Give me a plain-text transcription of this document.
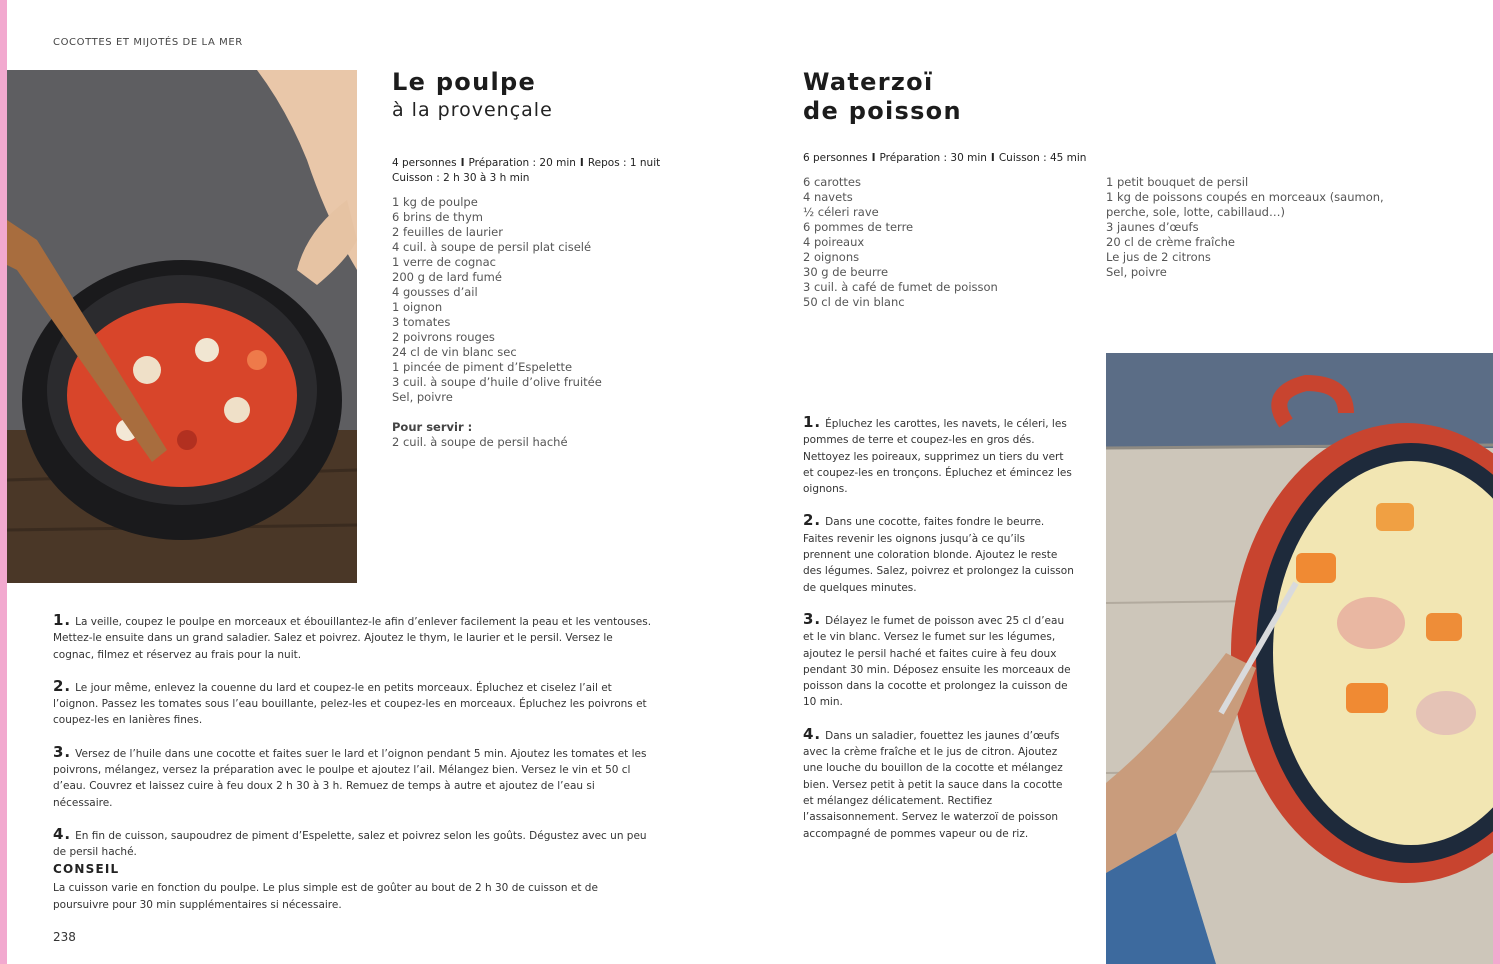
COCOTTES ET MIJOTÉS DE LA MER
Le poulpe
à la provençale
4 personnes I Préparation : 20 min I Repos : 1 nuit
Cuisson : 2 h 30 à 3 h min
1 kg de poulpe
6 brins de thym
2 feuilles de laurier
4 cuil. à soupe de persil plat ciselé
1 verre de cognac
200 g de lard fumé
4 gousses d’ail
1 oignon
3 tomates
2 poivrons rouges
24 cl de vin blanc sec
1 pincée de piment d’Espelette
3 cuil. à soupe d’huile d’olive fruitée
Sel, poivre
Pour servir :
2 cuil. à soupe de persil haché
1. La veille, coupez le poulpe en morceaux et ébouillantez-le afin d’enlever facilement la peau et les ventouses. Mettez-le ensuite dans un grand saladier. Salez et poivrez. Ajoutez le thym, le laurier et le persil. Versez le cognac, filmez et réservez au frais pour la nuit.
2. Le jour même, enlevez la couenne du lard et coupez-le en petits morceaux. Épluchez et ciselez l’ail et l’oignon. Passez les tomates sous l’eau bouillante, pelez-les et coupez-les en morceaux. Épluchez les poivrons et coupez-les en lanières fines.
3. Versez de l’huile dans une cocotte et faites suer le lard et l’oignon pendant 5 min. Ajoutez les tomates et les poivrons, mélangez, versez la préparation avec le poulpe et ajoutez l’ail. Mélangez bien. Versez le vin et 50 cl d’eau. Couvrez et laissez cuire à feu doux 2 h 30 à 3 h. Remuez de temps à autre et ajoutez de l’eau si nécessaire.
4. En fin de cuisson, saupoudrez de piment d’Espelette, salez et poivrez selon les goûts. Dégustez avec un peu de persil haché.
CONSEIL
La cuisson varie en fonction du poulpe. Le plus simple est de goûter au bout de 2 h 30 de cuisson et de poursuivre pour 30 min supplémentaires si nécessaire.
238
Waterzoï
de poisson
6 personnes I Préparation : 30 min I Cuisson : 45 min
6 carottes
4 navets
½ céleri rave
6 pommes de terre
4 poireaux
2 oignons
30 g de beurre
3 cuil. à café de fumet de poisson
50 cl de vin blanc
1 petit bouquet de persil
1 kg de poissons coupés en morceaux (saumon, perche, sole, lotte, cabillaud…)
3 jaunes d’œufs
20 cl de crème fraîche
Le jus de 2 citrons
Sel, poivre
1. Épluchez les carottes, les navets, le céleri, les pommes de terre et coupez-les en gros dés. Nettoyez les poireaux, supprimez un tiers du vert et coupez-les en tronçons. Épluchez et émincez les oignons.
2. Dans une cocotte, faites fondre le beurre. Faites revenir les oignons jusqu’à ce qu’ils prennent une coloration blonde. Ajoutez le reste des légumes. Salez, poivrez et prolongez la cuisson de quelques minutes.
3. Délayez le fumet de poisson avec 25 cl d’eau et le vin blanc. Versez le fumet sur les légumes, ajoutez le persil haché et faites cuire à feu doux pendant 30 min. Déposez ensuite les morceaux de poisson dans la cocotte et prolongez la cuisson de 10 min.
4. Dans un saladier, fouettez les jaunes d’œufs avec la crème fraîche et le jus de citron. Ajoutez une louche du bouillon de la cocotte et mélangez bien. Versez petit à petit la sauce dans la cocotte et mélangez délicatement. Rectifiez l’assaisonnement. Servez le waterzoï de poisson accompagné de pommes vapeur ou de riz.
